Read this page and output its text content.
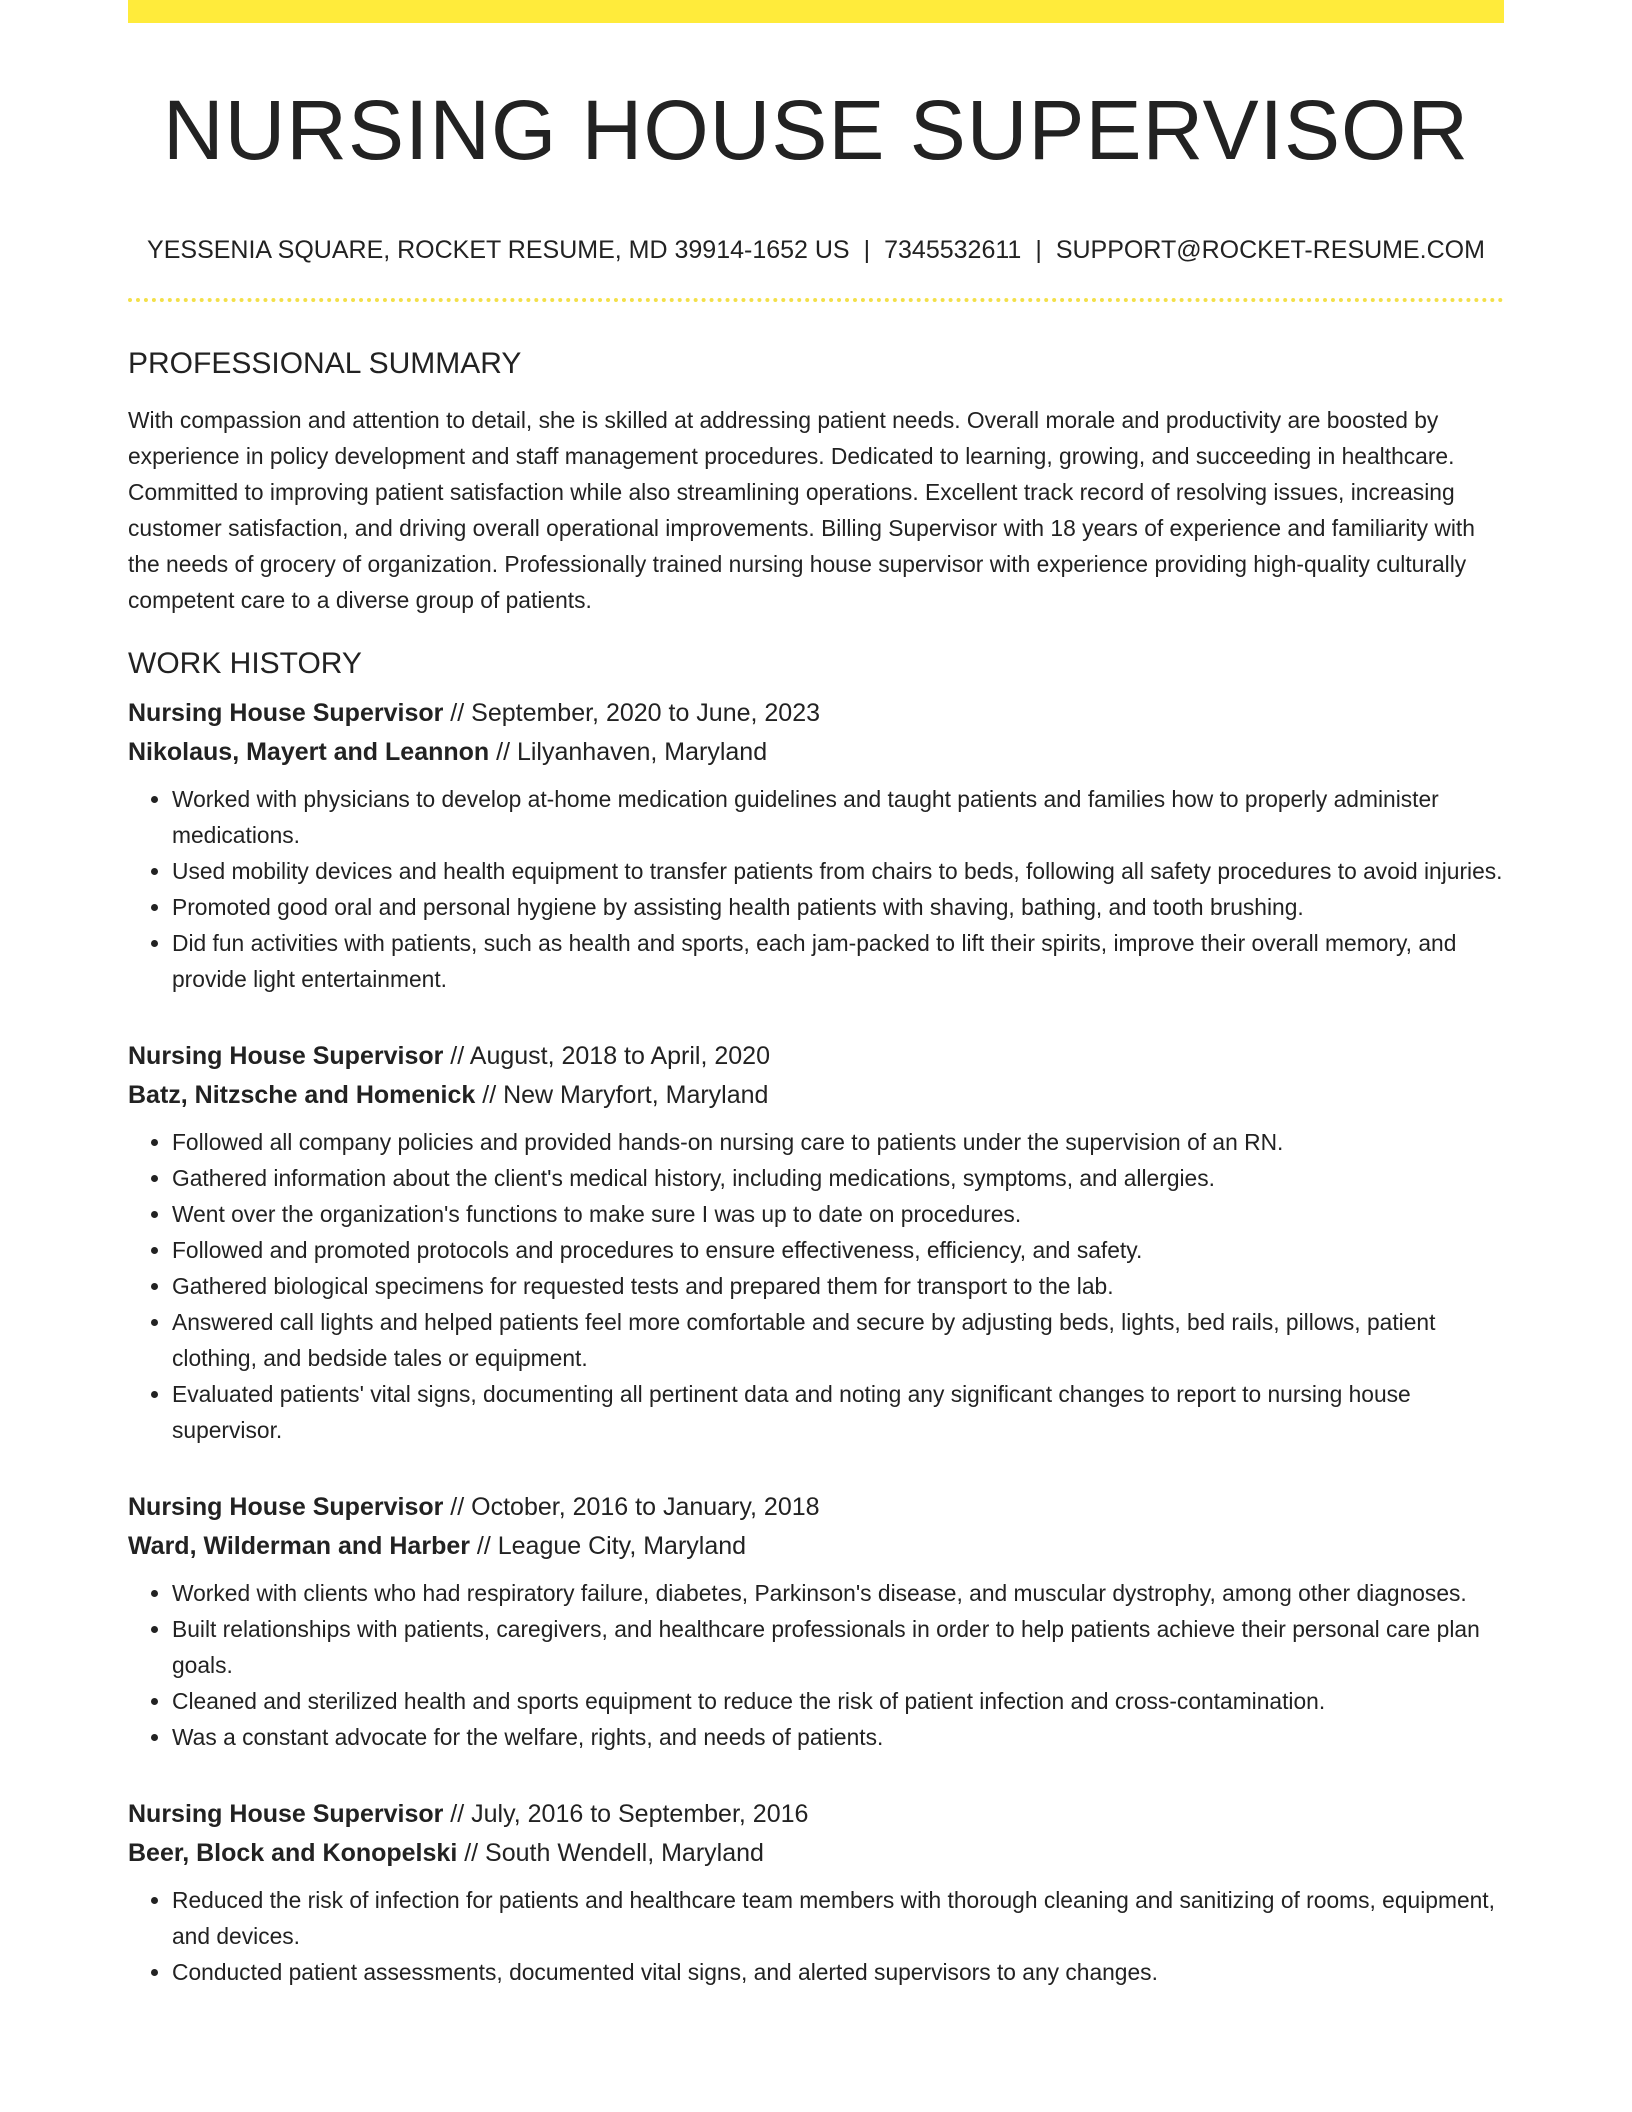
NURSING HOUSE SUPERVISOR
YESSENIA SQUARE, ROCKET RESUME, MD 39914-1652 US | 7345532611 | SUPPORT@ROCKET-RESUME.COM
PROFESSIONAL SUMMARY

With compassion and attention to detail, she is skilled at addressing patient needs. Overall morale and productivity are boosted by experience in policy development and staff management procedures. Dedicated to learning, growing, and succeeding in healthcare. Committed to improving patient satisfaction while also streamlining operations. Excellent track record of resolving issues, increasing customer satisfaction, and driving overall operational improvements. Billing Supervisor with 18 years of experience and familiarity with the needs of grocery of organization. Professionally trained nursing house supervisor with experience providing high-quality culturally competent care to a diverse group of patients.

WORK HISTORY
Nursing House Supervisor // September, 2020 to June, 2023
Nikolaus, Mayert and Leannon // Lilyanhaven, Maryland
• Worked with physicians to develop at-home medication guidelines and taught patients and families how to properly administer medications.
• Used mobility devices and health equipment to transfer patients from chairs to beds, following all safety procedures to avoid injuries.
• Promoted good oral and personal hygiene by assisting health patients with shaving, bathing, and tooth brushing.
• Did fun activities with patients, such as health and sports, each jam-packed to lift their spirits, improve their overall memory, and provide light entertainment.
Nursing House Supervisor // August, 2018 to April, 2020
Batz, Nitzsche and Homenick // New Maryfort, Maryland
• Followed all company policies and provided hands-on nursing care to patients under the supervision of an RN.
• Gathered information about the client's medical history, including medications, symptoms, and allergies.
• Went over the organization's functions to make sure I was up to date on procedures.
• Followed and promoted protocols and procedures to ensure effectiveness, efficiency, and safety.
• Gathered biological specimens for requested tests and prepared them for transport to the lab.
• Answered call lights and helped patients feel more comfortable and secure by adjusting beds, lights, bed rails, pillows, patient clothing, and bedside tales or equipment.
• Evaluated patients' vital signs, documenting all pertinent data and noting any significant changes to report to nursing house supervisor.
Nursing House Supervisor // October, 2016 to January, 2018
Ward, Wilderman and Harber // League City, Maryland
• Worked with clients who had respiratory failure, diabetes, Parkinson's disease, and muscular dystrophy, among other diagnoses.
• Built relationships with patients, caregivers, and healthcare professionals in order to help patients achieve their personal care plan goals.
• Cleaned and sterilized health and sports equipment to reduce the risk of patient infection and cross-contamination.
• Was a constant advocate for the welfare, rights, and needs of patients.
Nursing House Supervisor // July, 2016 to September, 2016
Beer, Block and Konopelski // South Wendell, Maryland
• Reduced the risk of infection for patients and healthcare team members with thorough cleaning and sanitizing of rooms, equipment, and devices.
• Conducted patient assessments, documented vital signs, and alerted supervisors to any changes.
